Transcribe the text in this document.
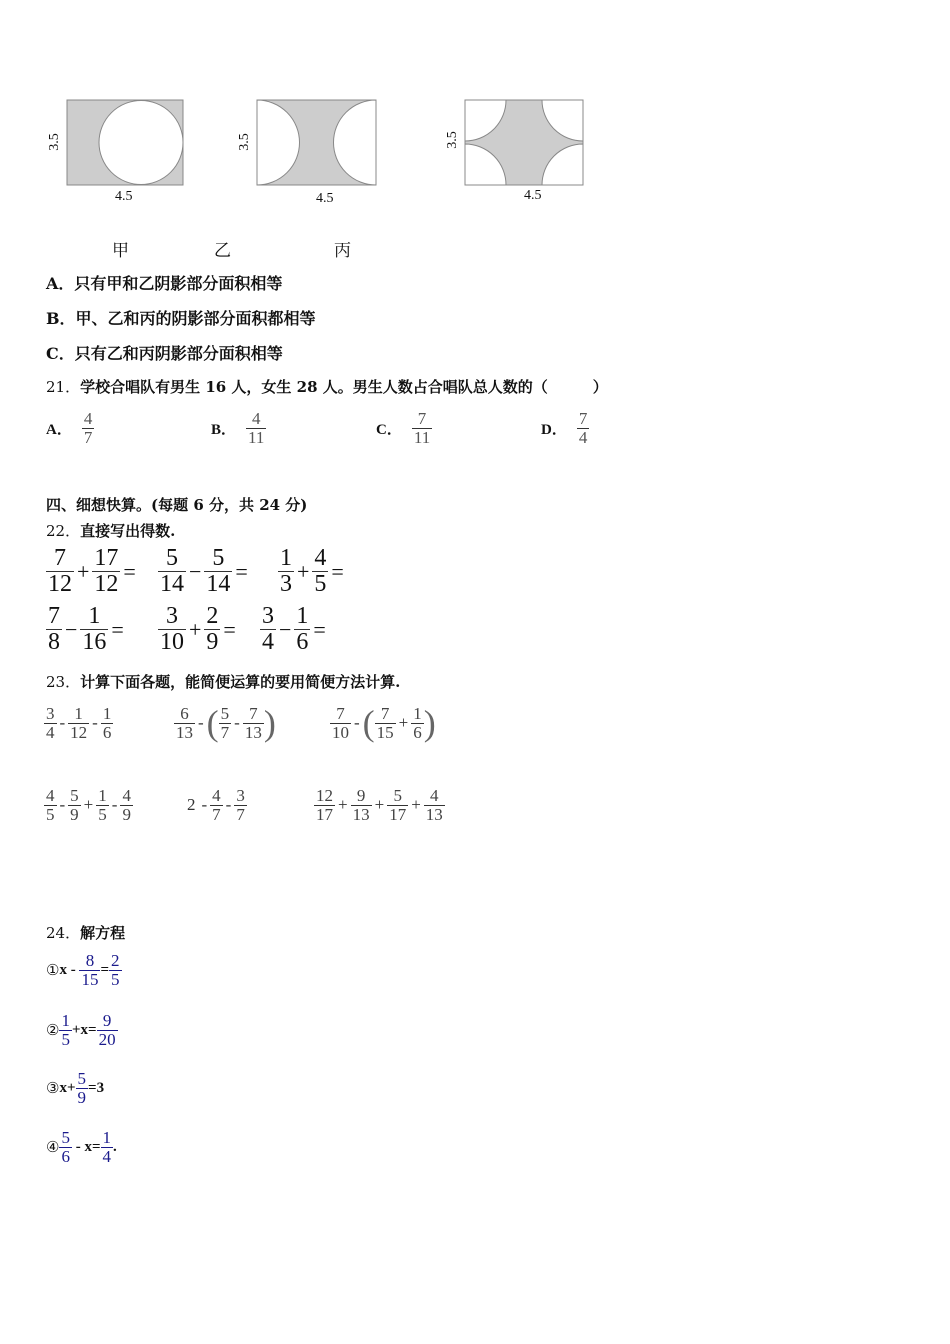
3.5
4.5
3.5
4.5
3.5
4.5
甲	乙	丙
A．只有甲和乙阴影部分面积相等
B．甲、乙和丙的阴影部分面积都相等
C．只有乙和丙阴影部分面积相等
21．学校合唱队有男生 16 人，女生 28 人。男生人数占合唱队总人数的（　　　）
A． $\frac{4}{7}$	B． $\frac{4}{11}$	C． $\frac{7}{11}$	D． $\frac{7}{4}$
四、细想快算。(每题 6 分，共 24 分)
22．直接写出得数.
$\frac{7}{12} + \frac{17}{12} = \frac{5}{14} - \frac{5}{14} = \frac{1}{3} + \frac{4}{5}$ =
$\frac{7}{8} - \frac{1}{16} = \frac{3}{10} + \frac{2}{9} = \frac{3}{4} - \frac{1}{6}$ =
23．计算下面各题，能简便运算的要用简便方法计算.
$\frac{3}{4} - \frac{1}{12} - \frac{1}{6}$	$\frac{6}{13}$ - ( $\frac{5}{7} - \frac{7}{13}$ )	$\frac{7}{10}$ - ( $\frac{7}{15} + \frac{1}{6}$ )
$\frac{4}{5} - \frac{5}{9} + \frac{1}{5} - \frac{4}{9}$	$2 - \frac{4}{7} - \frac{3}{7}$	$\frac{12}{17} + \frac{9}{13} + \frac{5}{17} + \frac{4}{13}$
24．解方程
① $x - \frac{8}{15} = \frac{2}{5}$
② $\frac{1}{5} +x= \frac{9}{20}$
③ $x+ \frac{5}{9} =3$
④ $\frac{5}{6} - x= \frac{1}{4}$ .
